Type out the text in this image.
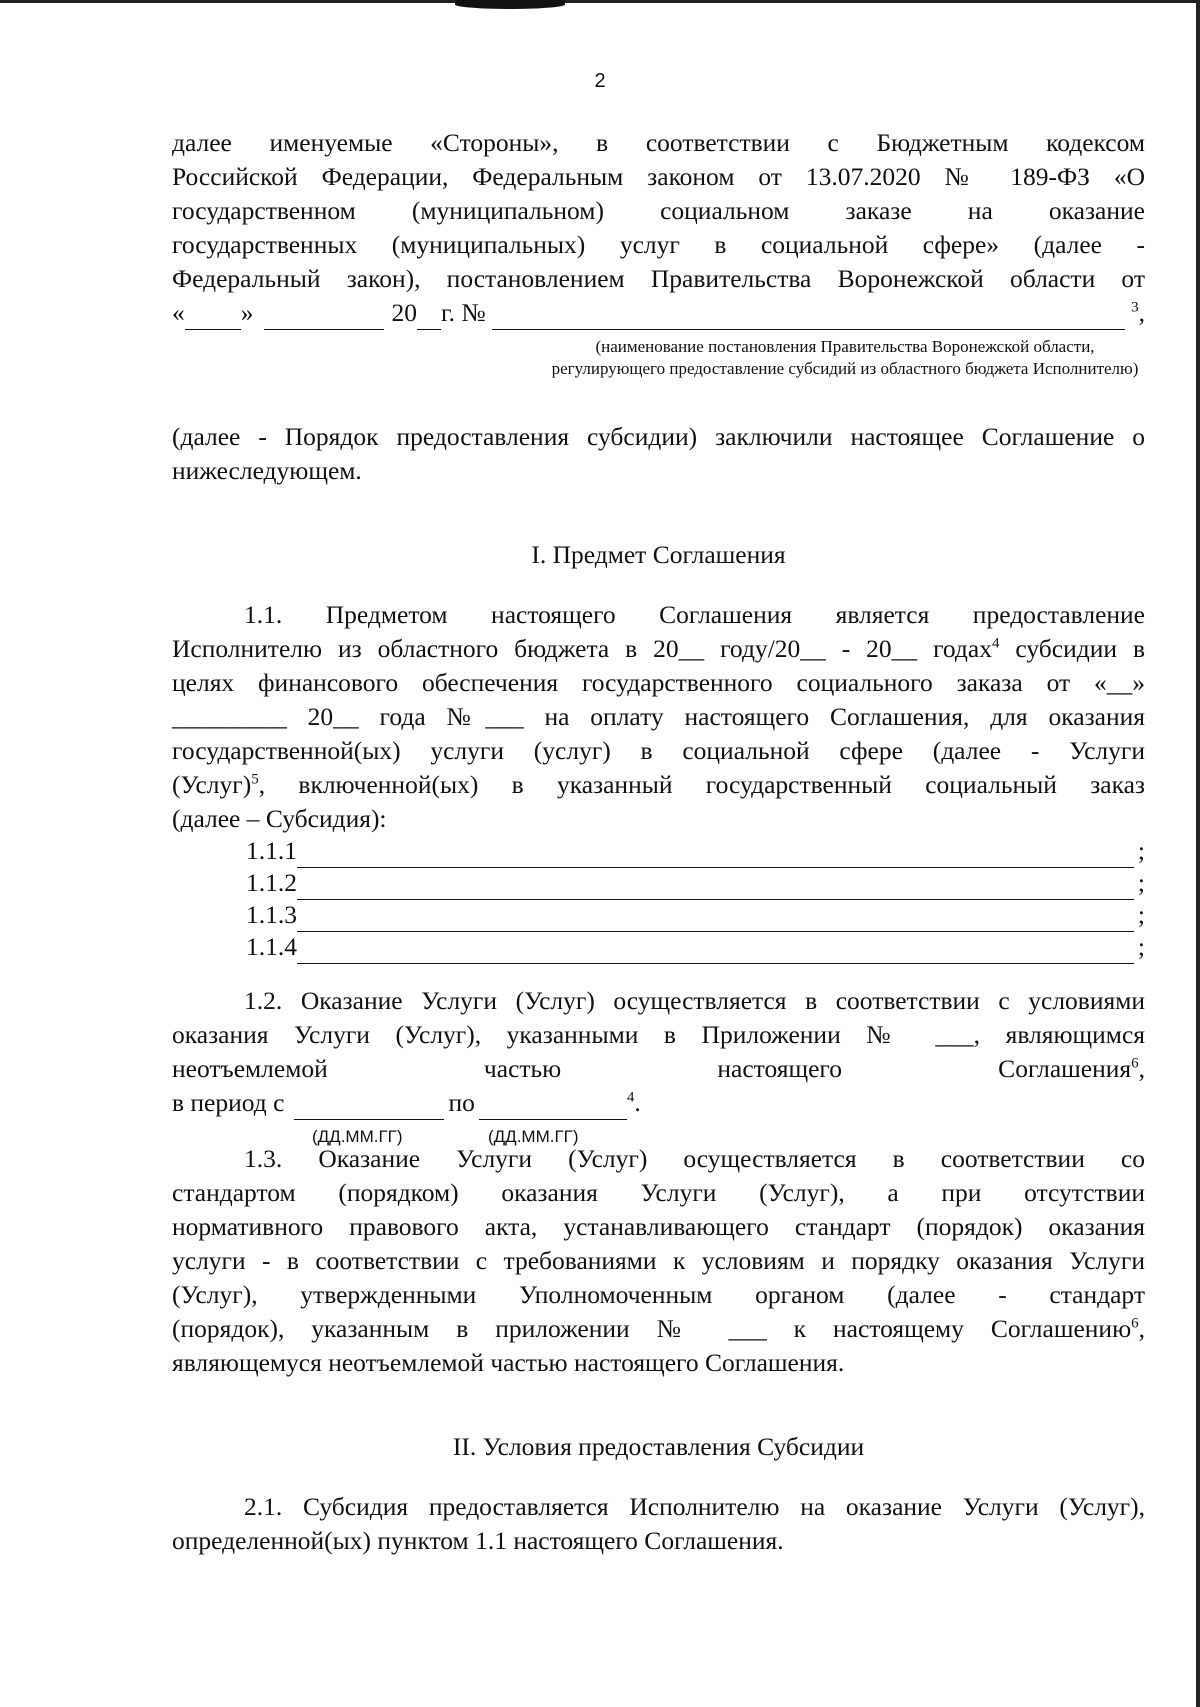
2

далее именуемые «Стороны», в соответствии с Бюджетным кодексом

Российской Федерации, Федеральным законом от 13.07.2020 № 189-ФЗ «О

государственном (муниципальном) социальном заказе на оказание

государственных (муниципальных) услуг в социальной сфере» (далее -

Федеральный закон), постановлением Правительства Воронежской области от

« »	20 г. №	$^3$,
(наименование постановления Правительства Воронежской области, регулирующего предоставление субсидий из областного бюджета Исполнителю)

(далее - Порядок предоставления субсидии) заключили настоящее Соглашение о нижеследующем.

I. Предмет Соглашения

1.1. Предметом настоящего Соглашения является предоставление

Исполнителю из областного бюджета в 20__ году/20__ - 20__ годах$^4$ субсидии в

целях финансового обеспечения государственного социального заказа от «__»

_________ 20__ года №___ на оплату настоящего Соглашения, для оказания

государственной(ых) услуги (услуг) в социальной сфере (далее - Услуги

(Услуг)$^5$, включенной(ых) в указанный государственный социальный заказ

(далее – Субсидия):

1.1.1	;
1.1.2	;
1.1.3	;
1.1.4	;

1.2. Оказание Услуги (Услуг) осуществляется в соответствии с условиями

оказания Услуги (Услуг), указанными в Приложении № ___, являющимся

неотъемлемой частью настоящего Соглашения$^6$,

в период с	по	$^4$.
(ДД.ММ.ГГ)	(ДД.ММ.ГГ)

1.3. Оказание Услуги (Услуг) осуществляется в соответствии со

стандартом (порядком) оказания Услуги (Услуг), а при отсутствии

нормативного правового акта, устанавливающего стандарт (порядок) оказания

услуги - в соответствии с требованиями к условиям и порядку оказания Услуги

(Услуг), утвержденными Уполномоченным органом (далее - стандарт

(порядок), указанным в приложении № ___ к настоящему Соглашению$^6$,

являющемуся неотъемлемой частью настоящего Соглашения.

II. Условия предоставления Субсидии

2.1. Субсидия предоставляется Исполнителю на оказание Услуги (Услуг),

определенной(ых) пунктом 1.1 настоящего Соглашения.
